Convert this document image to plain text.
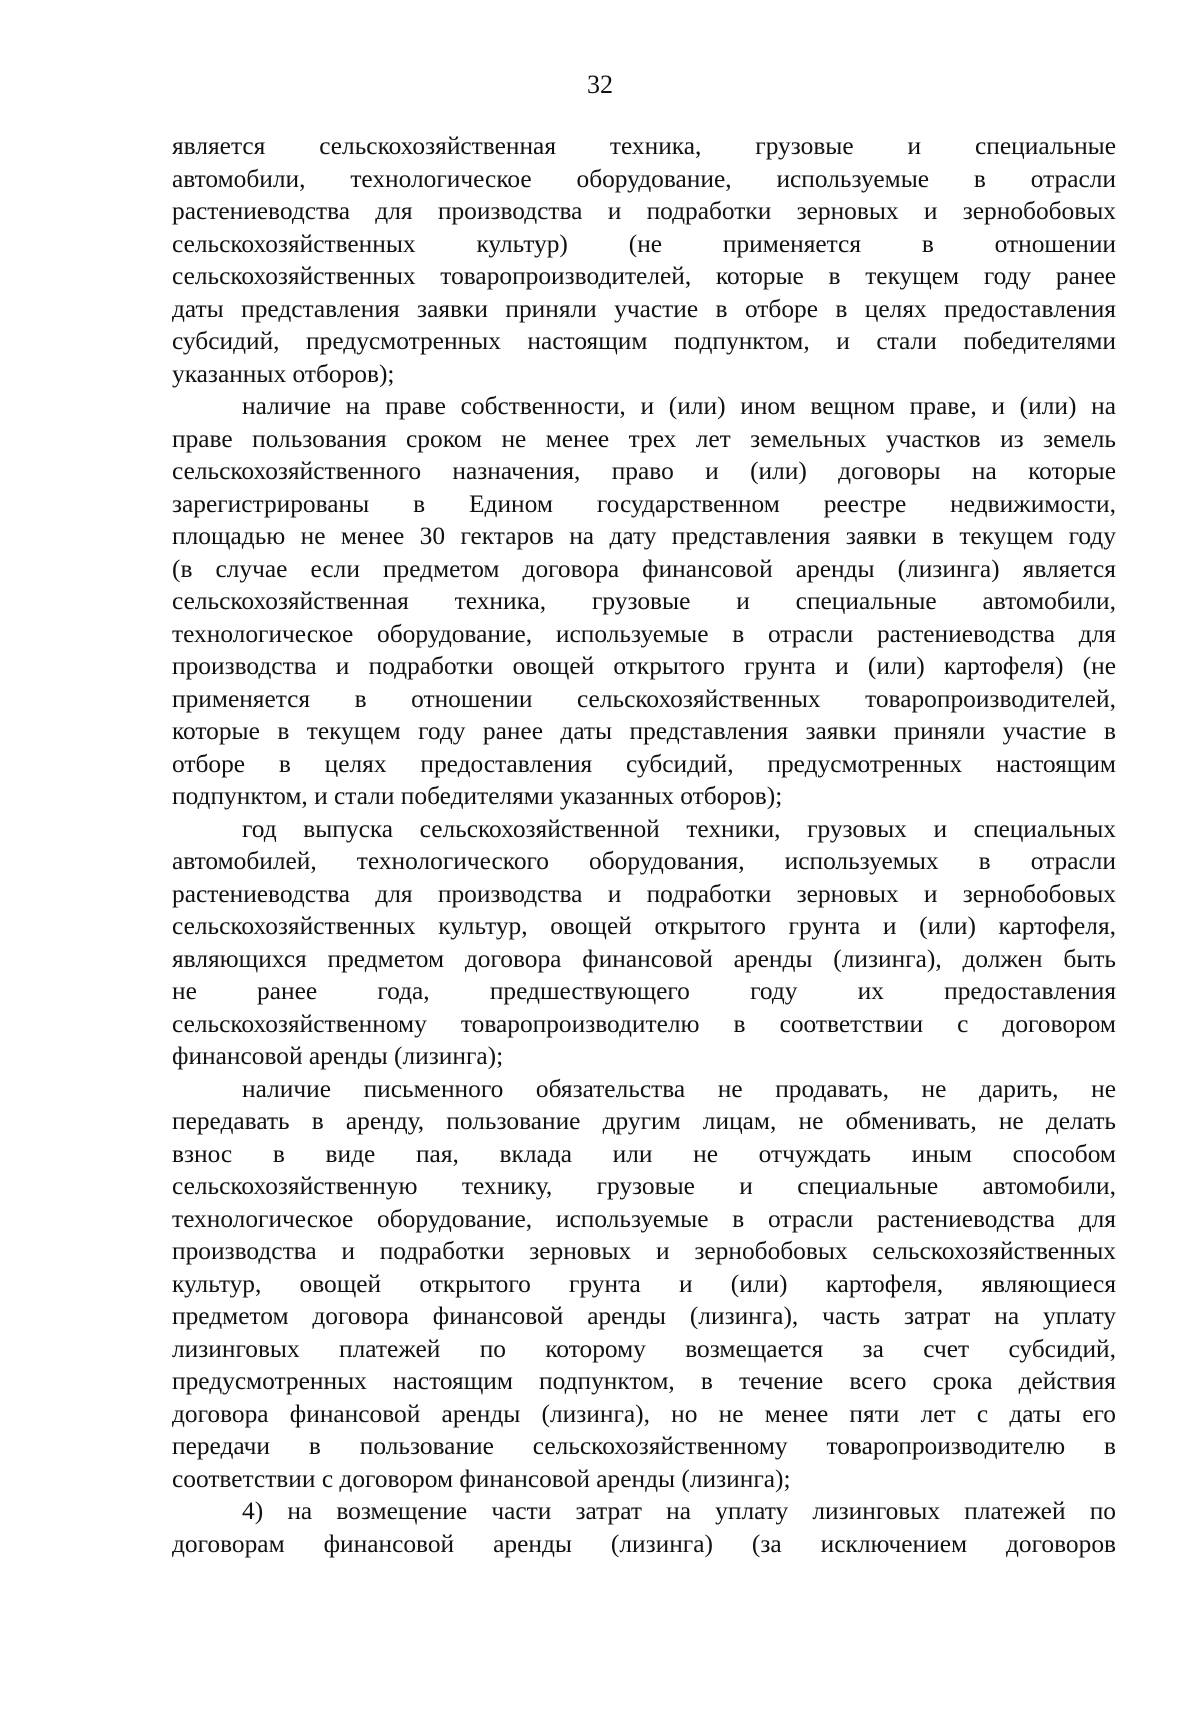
32

является сельскохозяйственная техника, грузовые и специальные

автомобили, технологическое оборудование, используемые в отрасли

растениеводства для производства и подработки зерновых и зернобобовых

сельскохозяйственных культур) (не применяется в отношении

сельскохозяйственных товаропроизводителей, которые в текущем году ранее

даты представления заявки приняли участие в отборе в целях предоставления

субсидий, предусмотренных настоящим подпунктом, и стали победителями

указанных отборов);

наличие на праве собственности, и (или) ином вещном праве, и (или) на

праве пользования сроком не менее трех лет земельных участков из земель

сельскохозяйственного назначения, право и (или) договоры на которые

зарегистрированы в Едином государственном реестре недвижимости,

площадью не менее 30 гектаров на дату представления заявки в текущем году

(в случае если предметом договора финансовой аренды (лизинга) является

сельскохозяйственная техника, грузовые и специальные автомобили,

технологическое оборудование, используемые в отрасли растениеводства для

производства и подработки овощей открытого грунта и (или) картофеля) (не

применяется в отношении сельскохозяйственных товаропроизводителей,

которые в текущем году ранее даты представления заявки приняли участие в

отборе в целях предоставления субсидий, предусмотренных настоящим

подпунктом, и стали победителями указанных отборов);

год выпуска сельскохозяйственной техники, грузовых и специальных

автомобилей, технологического оборудования, используемых в отрасли

растениеводства для производства и подработки зерновых и зернобобовых

сельскохозяйственных культур, овощей открытого грунта и (или) картофеля,

являющихся предметом договора финансовой аренды (лизинга), должен быть

не ранее года, предшествующего году их предоставления

сельскохозяйственному товаропроизводителю в соответствии с договором

финансовой аренды (лизинга);

наличие письменного обязательства не продавать, не дарить, не

передавать в аренду, пользование другим лицам, не обменивать, не делать

взнос в виде пая, вклада или не отчуждать иным способом

сельскохозяйственную технику, грузовые и специальные автомобили,

технологическое оборудование, используемые в отрасли растениеводства для

производства и подработки зерновых и зернобобовых сельскохозяйственных

культур, овощей открытого грунта и (или) картофеля, являющиеся

предметом договора финансовой аренды (лизинга), часть затрат на уплату

лизинговых платежей по которому возмещается за счет субсидий,

предусмотренных настоящим подпунктом, в течение всего срока действия

договора финансовой аренды (лизинга), но не менее пяти лет с даты его

передачи в пользование сельскохозяйственному товаропроизводителю в

соответствии с договором финансовой аренды (лизинга);

4) на возмещение части затрат на уплату лизинговых платежей по

договорам финансовой аренды (лизинга) (за исключением договоров
